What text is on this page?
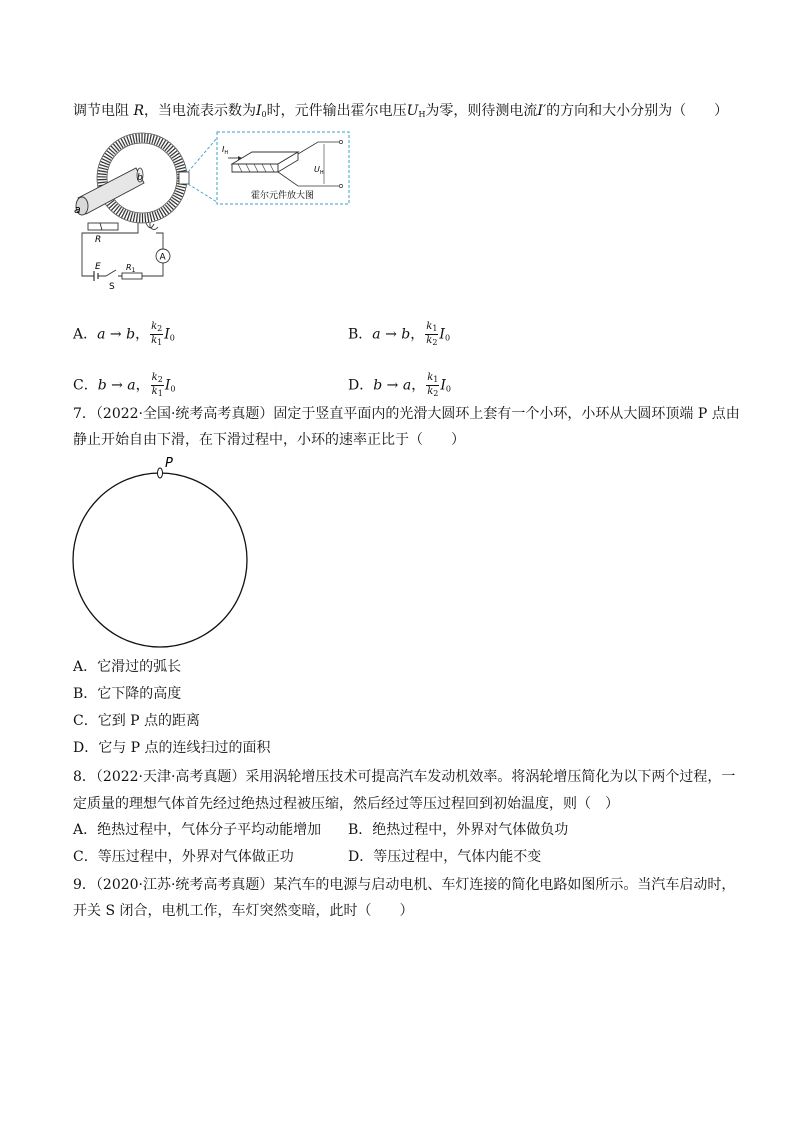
调节电阻 R，当电流表示数为$I_0$时，元件输出霍尔电压$U_H$为零，则待测电流I′的方向和大小分别为（　　）
a
b
R
A
E
S
$R_1$
$I_H$
$U_H$
霍尔元件放大图
A．a → b， $\frac{k_2}{k_1} I_0$	B．a → b， $\frac{k_1}{k_2} I_0$
C．b → a， $\frac{k_2}{k_1} I_0$	D．b → a， $\frac{k_1}{k_2} I_0$
7．（2022·全国·统考高考真题）固定于竖直平面内的光滑大圆环上套有一个小环，小环从大圆环顶端 P 点由
静止开始自由下滑，在下滑过程中，小环的速率正比于（　　）
P
A．它滑过的弧长
B．它下降的高度
C．它到 P 点的距离
D．它与 P 点的连线扫过的面积
8．（2022·天津·高考真题）采用涡轮增压技术可提高汽车发动机效率。将涡轮增压简化为以下两个过程，一
定质量的理想气体首先经过绝热过程被压缩，然后经过等压过程回到初始温度，则（　）
A．绝热过程中，气体分子平均动能增加 B．绝热过程中，外界对气体做负功
C．等压过程中，外界对气体做正功	D．等压过程中，气体内能不变
9．（2020·江苏·统考高考真题）某汽车的电源与启动电机、车灯连接的简化电路如图所示。当汽车启动时，
开关 S 闭合，电机工作，车灯突然变暗，此时（　　）
